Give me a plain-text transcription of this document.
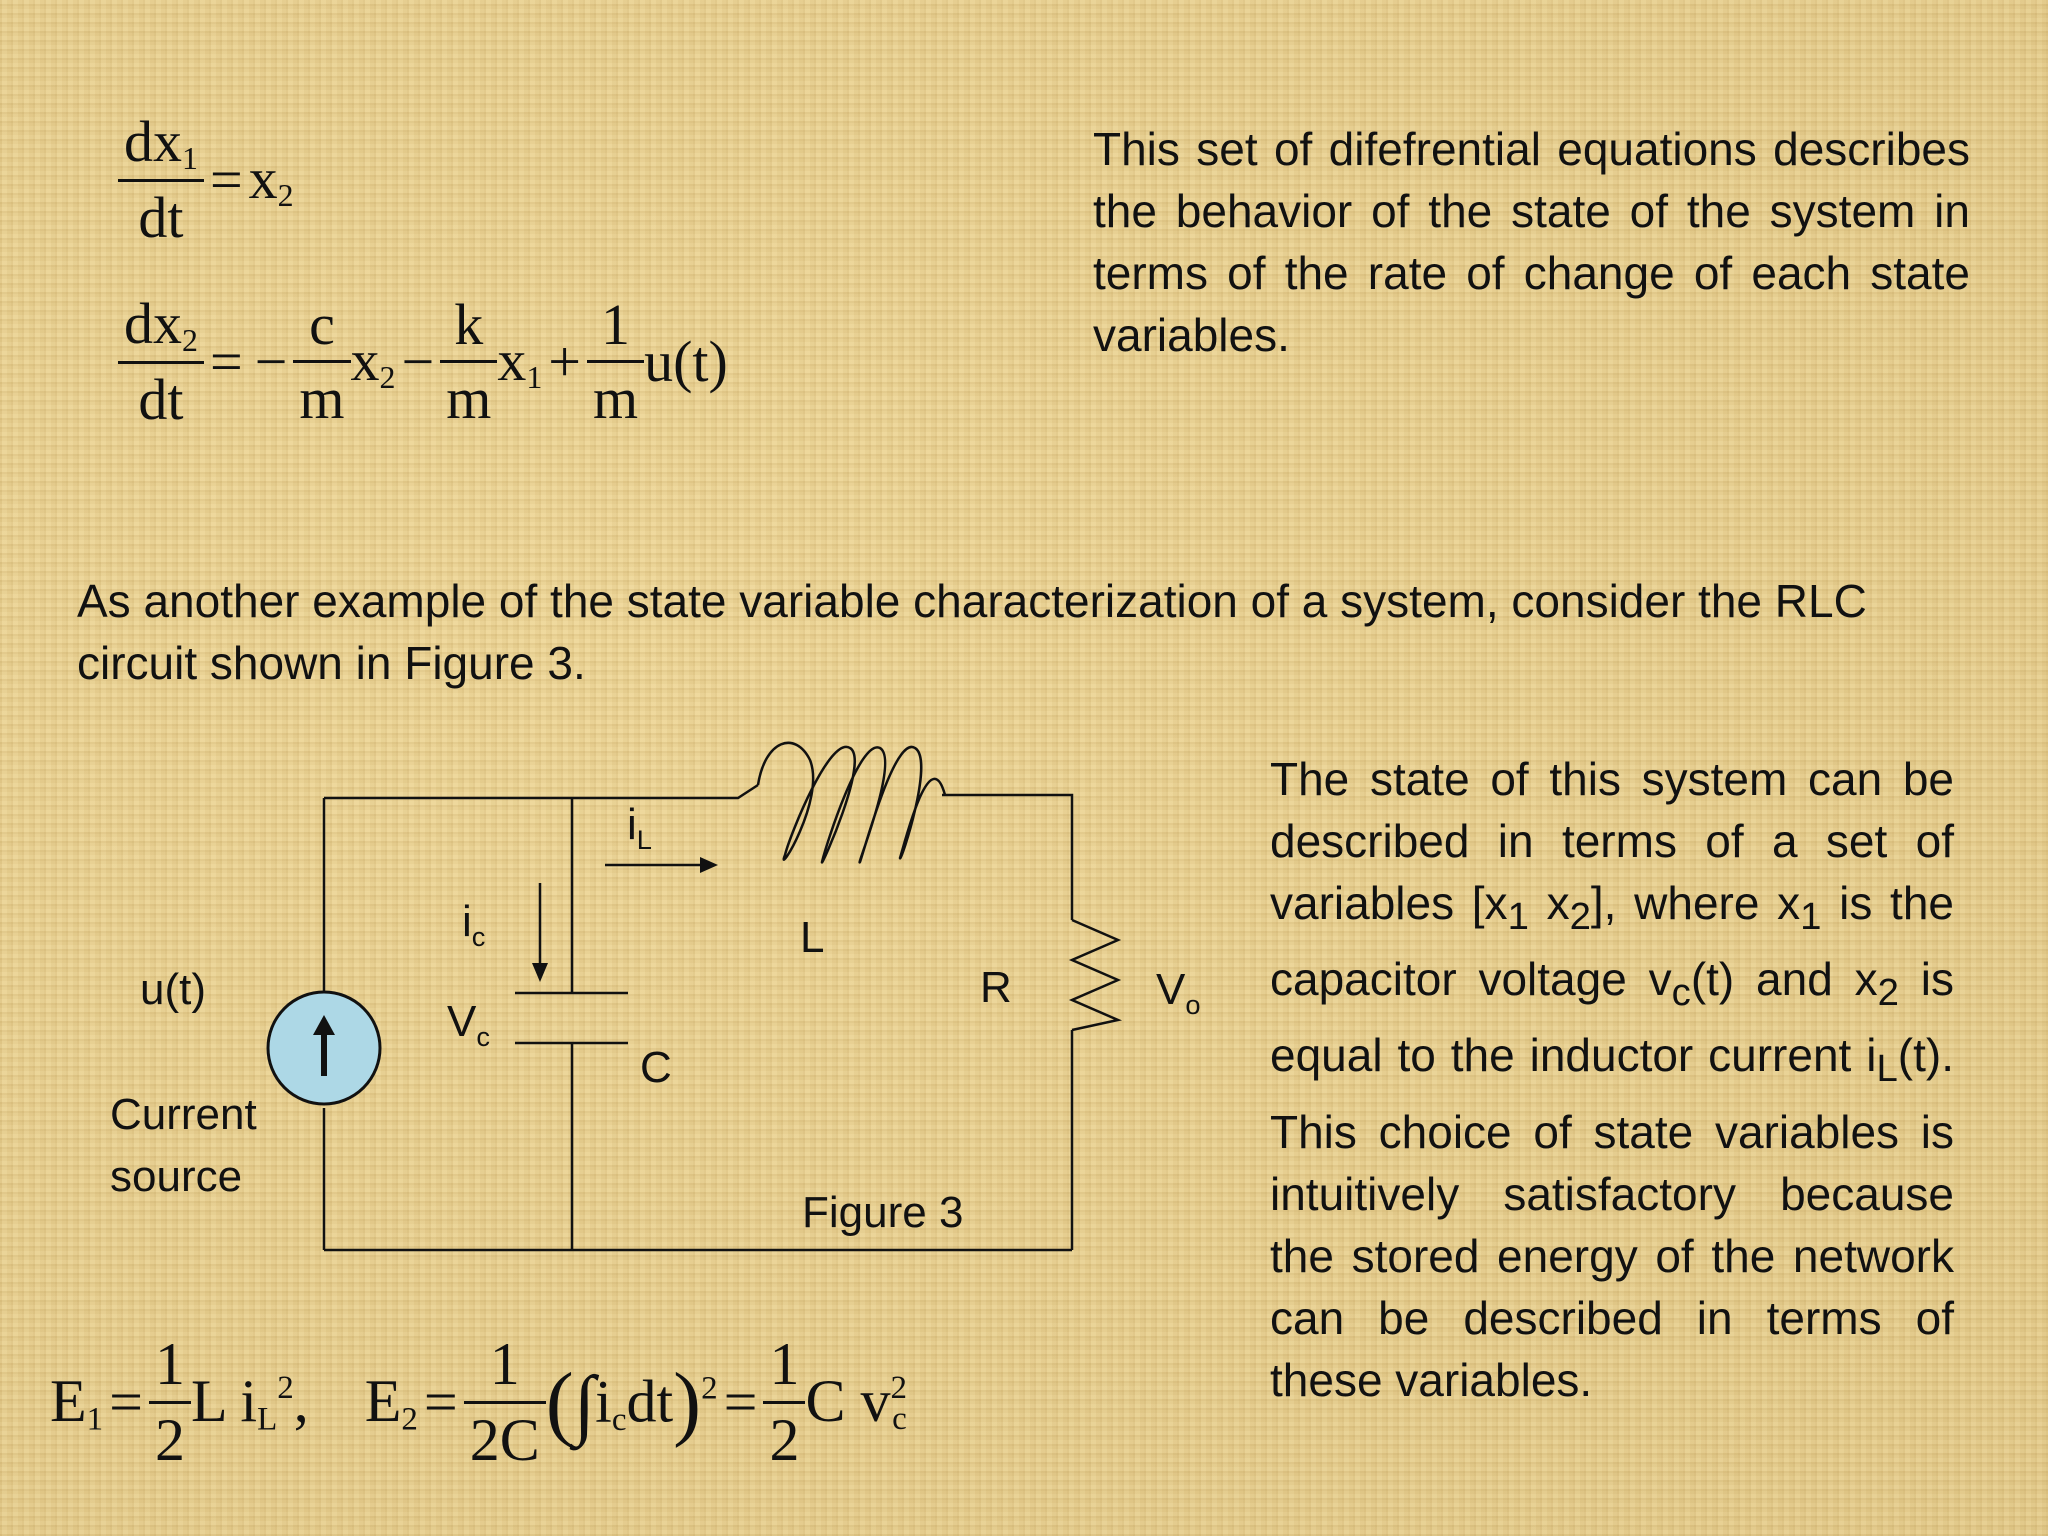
$\frac{dx_1}{dt} = x_2$
$\frac{dx_2}{dt}$ = − $\frac{c}{m} x_2 - \frac{k}{m} x_1 + \frac{1}{m} u(t)$
This set of difefrential equations describes the behavior of the state of the system in terms of the rate of change of each state variables.
As another example of the state variable characterization of a system, consider the RLC circuit shown in Figure 3.
u(t)
Current
source
$i_c$
$V_c$
C
$i_L$
L
R	$V_o$
Figure 3
The state of this system can be described in terms of a set of variables [$x_1$ $x_2$], where $x_1$ is the capacitor voltage $v_c(t)$ and $x_2$ is equal to the inductor current $i_L(t)$. This choice of state variables is intuitively satisfactory because the stored energy of the network can be described in terms of these variables.
$E_1 = \frac{1}{2}$ L $i_L^2$, $E_2 = \frac{1}{2C} (\int i_cdt)^2 = \frac{1}{2}$ C $v^2_c$
